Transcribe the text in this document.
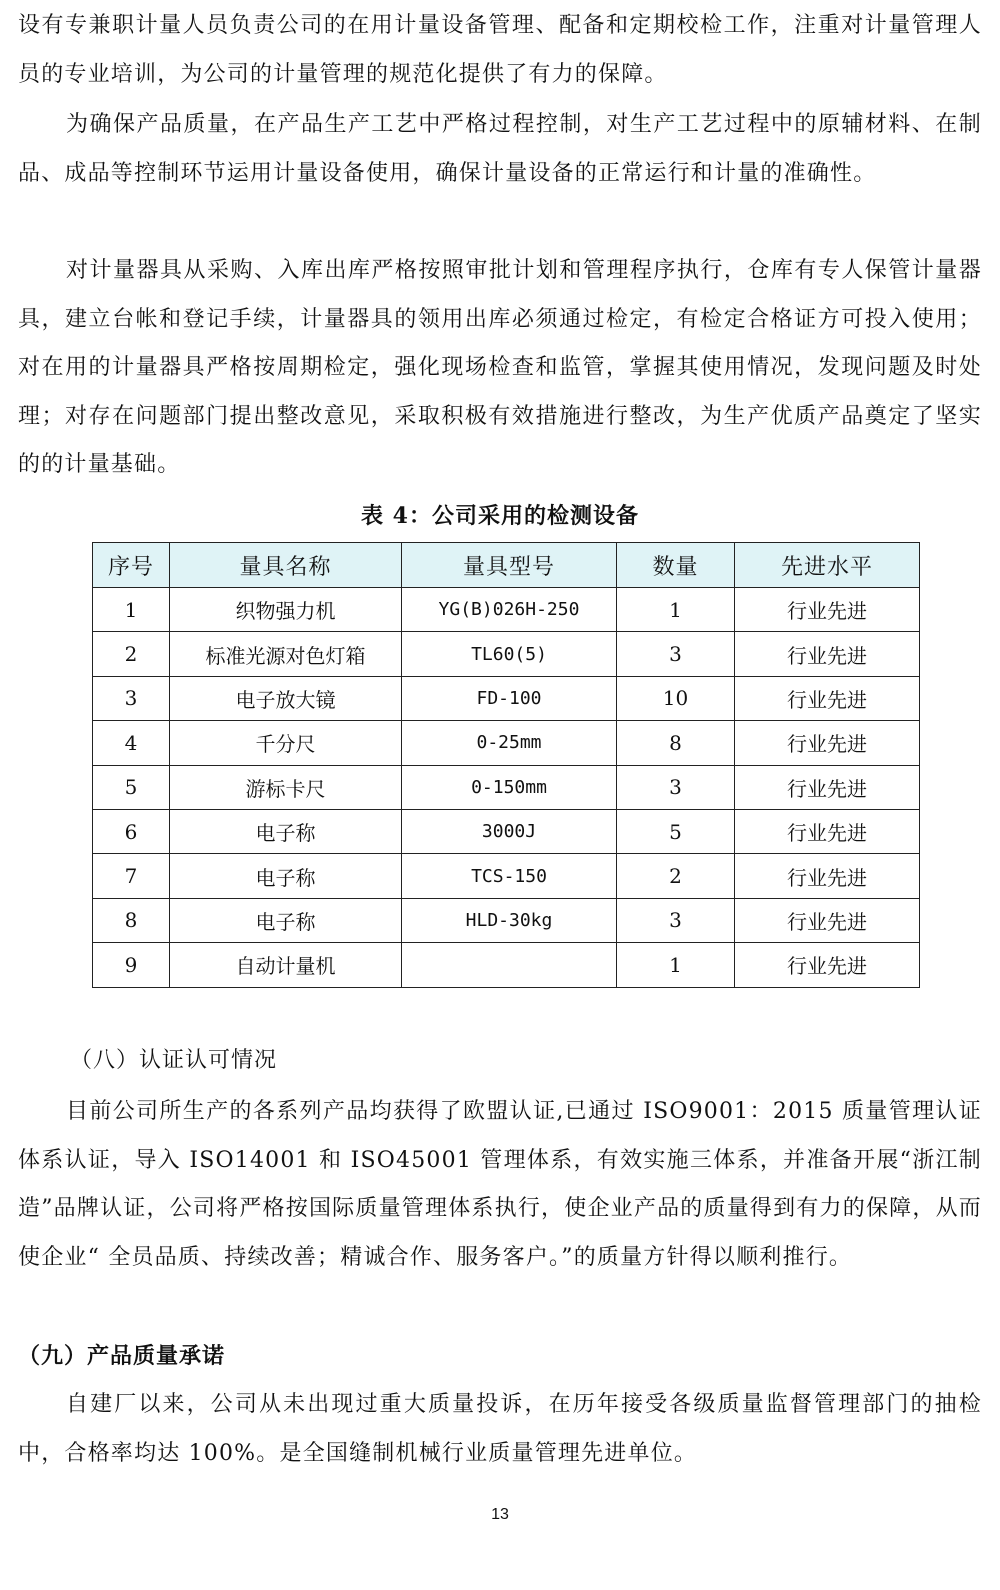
设有专兼职计量人员负责公司的在用计量设备管理、配备和定期校检工作，注重对计量管理人员的专业培训，为公司的计量管理的规范化提供了有力的保障。

为确保产品质量，在产品生产工艺中严格过程控制，对生产工艺过程中的原辅材料、在制品、成品等控制环节运用计量设备使用，确保计量设备的正常运行和计量的准确性。

对计量器具从采购、入库出库严格按照审批计划和管理程序执行，仓库有专人保管计量器具，建立台帐和登记手续，计量器具的领用出库必须通过检定，有检定合格证方可投入使用；对在用的计量器具严格按周期检定，强化现场检查和监管，掌握其使用情况，发现问题及时处理；对存在问题部门提出整改意见，采取积极有效措施进行整改，为生产优质产品奠定了坚实的的计量基础。

表 4：公司采用的检测设备
序号	量具名称	量具型号	数量	先进水平
1	织物强力机	YG(B)026H-250	1	行业先进
2	标准光源对色灯箱	TL60(5)	3	行业先进
3	电子放大镜	FD-100	10	行业先进
4	千分尺	0-25mm	8	行业先进
5	游标卡尺	0-150mm	3	行业先进
6	电子称	3000J	5	行业先进
7	电子称	TCS-150	2	行业先进
8	电子称	HLD-30kg	3	行业先进
9	自动计量机		1	行业先进
（八）认证认可情况

目前公司所生产的各系列产品均获得了欧盟认证,已通过 ISO9001：2015 质量管理认证体系认证，导入 ISO14001 和 ISO45001 管理体系，有效实施三体系，并准备开展“浙江制造”品牌认证，公司将严格按国际质量管理体系执行，使企业产品的质量得到有力的保障，从而使企业“ 全员品质、持续改善；精诚合作、服务客户。”的质量方针得以顺利推行。

（九）产品质量承诺

自建厂以来，公司从未出现过重大质量投诉，在历年接受各级质量监督管理部门的抽检中，合格率均达 100%。是全国缝制机械行业质量管理先进单位。

13
